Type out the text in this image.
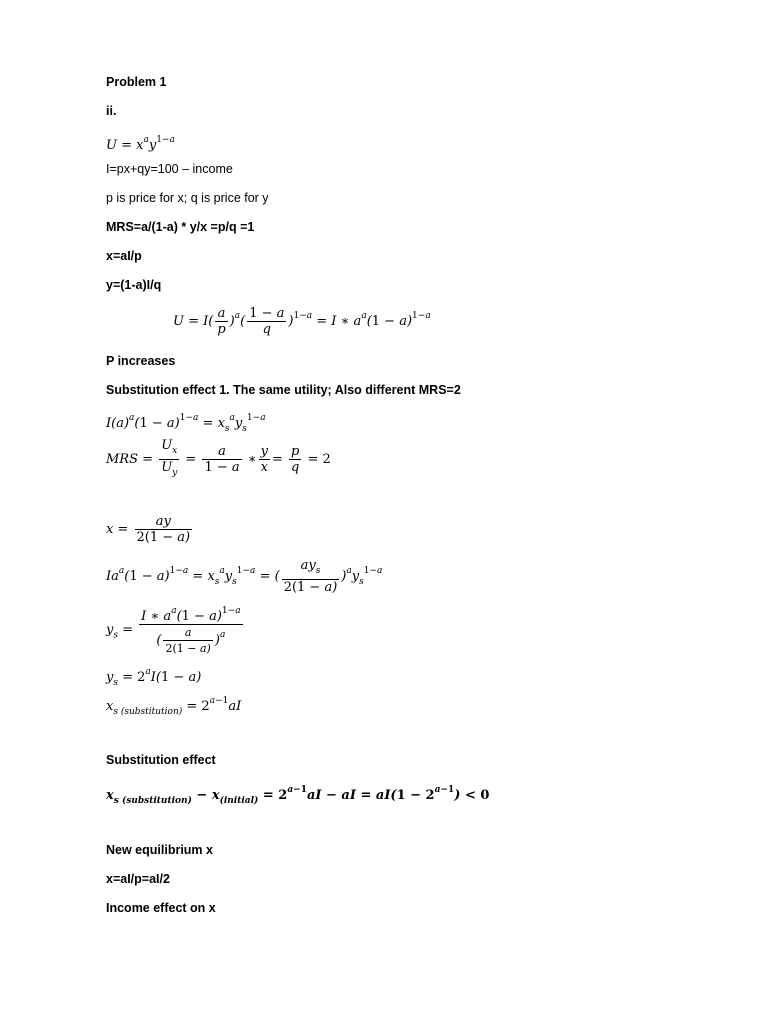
Problem 1
ii.
$U = x^ay^{1-a}$
I=px+qy=100 – income
p is price for x; q is price for y
MRS=a/(1-a) * y/x =p/q =1
x=aI/p
y=(1-a)I/q
$U = I( \frac{a}{p} )^a( \frac{1 - a}{q} )^{1-a} = I$ ∗ $a^a(1 - a)^{1-a}$
P increases
Substitution effect 1. The same utility; Also different MRS=2
$I(a)^a(1 - a)^{1-a} = x_s^ay_s^{1-a}$
MRS = $\frac{U_x}{U_y} = \frac{a}{1 - a}$ ∗ $\frac{y}{x} = \frac{p}{q} = 2$
$x = \frac{ay}{2(1 - a)}$
$Ia^a(1 - a)^{1-a} = x_s^ay_s^{1-a}$ = ( $\frac{ay_s}{2(1 - a)} )^ay_s^{1-a}$
$y_s = \frac{I ∗ a^a(1 - a)^{1-a}}{( \frac{a}{2(1 - a)} )^a}$
$y_s = 2^aI(1 - a)$
$x_{s (substitution)} = 2^{a-1}aI$
Substitution effect
$x_{s (substitution)} - x_{(initial)} = 2^{a-1}aI$ − aI = $aI(1 - 2^{a-1}) < 0$
New equilibrium x
x=aI/p=aI/2
Income effect on x
